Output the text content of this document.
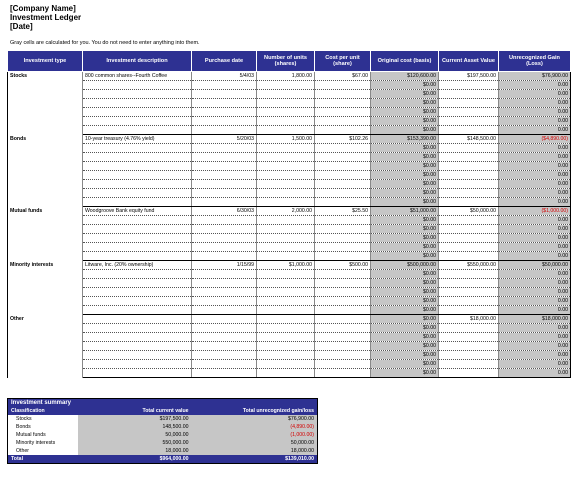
[Company Name]
Investment Ledger
[Date]
Gray cells are calculated for you. You do not need to enter anything into them.
Investment type	Investment description	Purchase date	Number of units (shares)	Cost per unit (share)	Original cost (basis)	Current Asset Value	Unrecognized Gain (Loss)
Stocks	800 common shares--Fourth Coffee	5/4/03	1,800.00	$67.00	$120,600.00	$197,500.00	$76,900.00
					$0.00		0.00
					$0.00		0.00
					$0.00		0.00
					$0.00		0.00
					$0.00		0.00
					$0.00		0.00
Bonds	10-year treasury (4.76% yield)	5/20/03	1,500.00	$102.26	$153,390.00	$148,500.00	($4,890.00)
					$0.00		0.00
					$0.00		0.00
					$0.00		0.00
					$0.00		0.00
					$0.00		0.00
					$0.00		0.00
					$0.00		0.00
Mutual funds	Woodgroove Bank equity fund	6/30/03	2,000.00	$25.50	$51,000.00	$50,000.00	($1,000.00)
					$0.00		0.00
					$0.00		0.00
					$0.00		0.00
					$0.00		0.00
					$0.00		0.00
Minority interests	Litware, Inc. (20% ownership)	1/15/99	$1,000.00	$500.00	$500,000.00	$550,000.00	$50,000.00
					$0.00		0.00
					$0.00		0.00
					$0.00		0.00
					$0.00		0.00
					$0.00		0.00
Other					$0.00	$18,000.00	$18,000.00
					$0.00		0.00
					$0.00		0.00
					$0.00		0.00
					$0.00		0.00
					$0.00		0.00
					$0.00		0.00
Investment summary		
Classification	Total current value	Total unrecognized gain/loss
Stocks	$197,500.00	$76,900.00
Bonds	148,500.00	(4,890.00)
Mutual funds	50,000.00	(1,000.00)
Minority interests	550,000.00	50,000.00
Other	18,000.00	18,000.00
Total	$964,000.00	$139,010.00
